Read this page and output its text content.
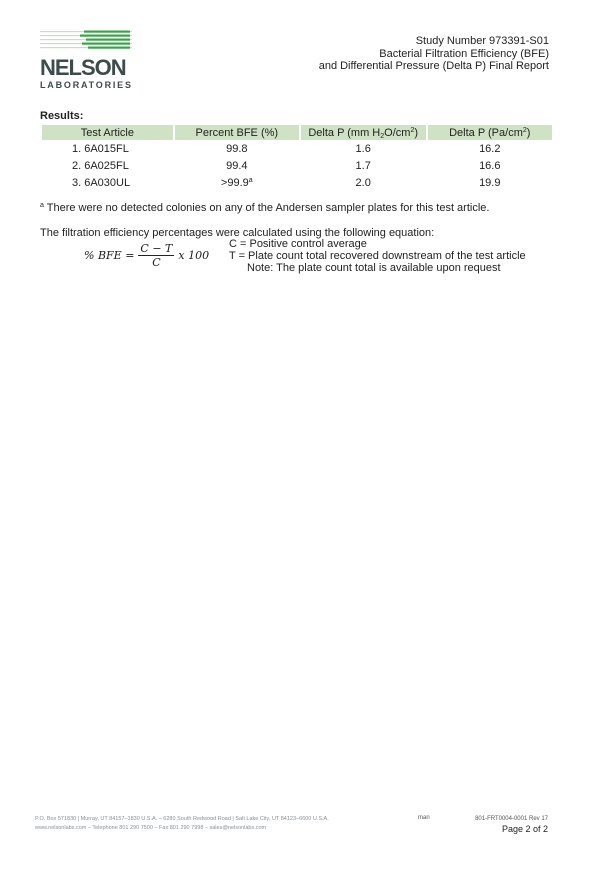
NELSON
LABORATORIES
Study Number 973391-S01
Bacterial Filtration Efficiency (BFE)
and Differential Pressure (Delta P) Final Report
Results:
Test Article	Percent BFE (%)	Delta P (mm $H_2O/cm^2$)	Delta P $(Pa/cm^2)$
1. 6A015FL	99.8	1.6	16.2
2. 6A025FL	99.4	1.7	16.6
3. 6A030UL	>99.9$^a$	2.0	19.9
$^a$ There were no detected colonies on any of the Andersen sampler plates for this test article.
The filtration efficiency percentages were calculated using the following equation:
% BFE = $\frac{C - T}{C}$ x 100
C = Positive control average
T = Plate count total recovered downstream of the test article
Note: The plate count total is available upon request
P.O. Box 571830 | Murray, UT 84157–1830 U.S.A. – 6280 South Redwood Road | Salt Lake City, UT 84123–6600 U.S.A.
www.nelsonlabs.com – Telephone 801 290 7500 – Fax 801 290 7998 – sales@nelsonlabs.com
man	801-FRT0004-0001 Rev 17
Page 2 of 2
